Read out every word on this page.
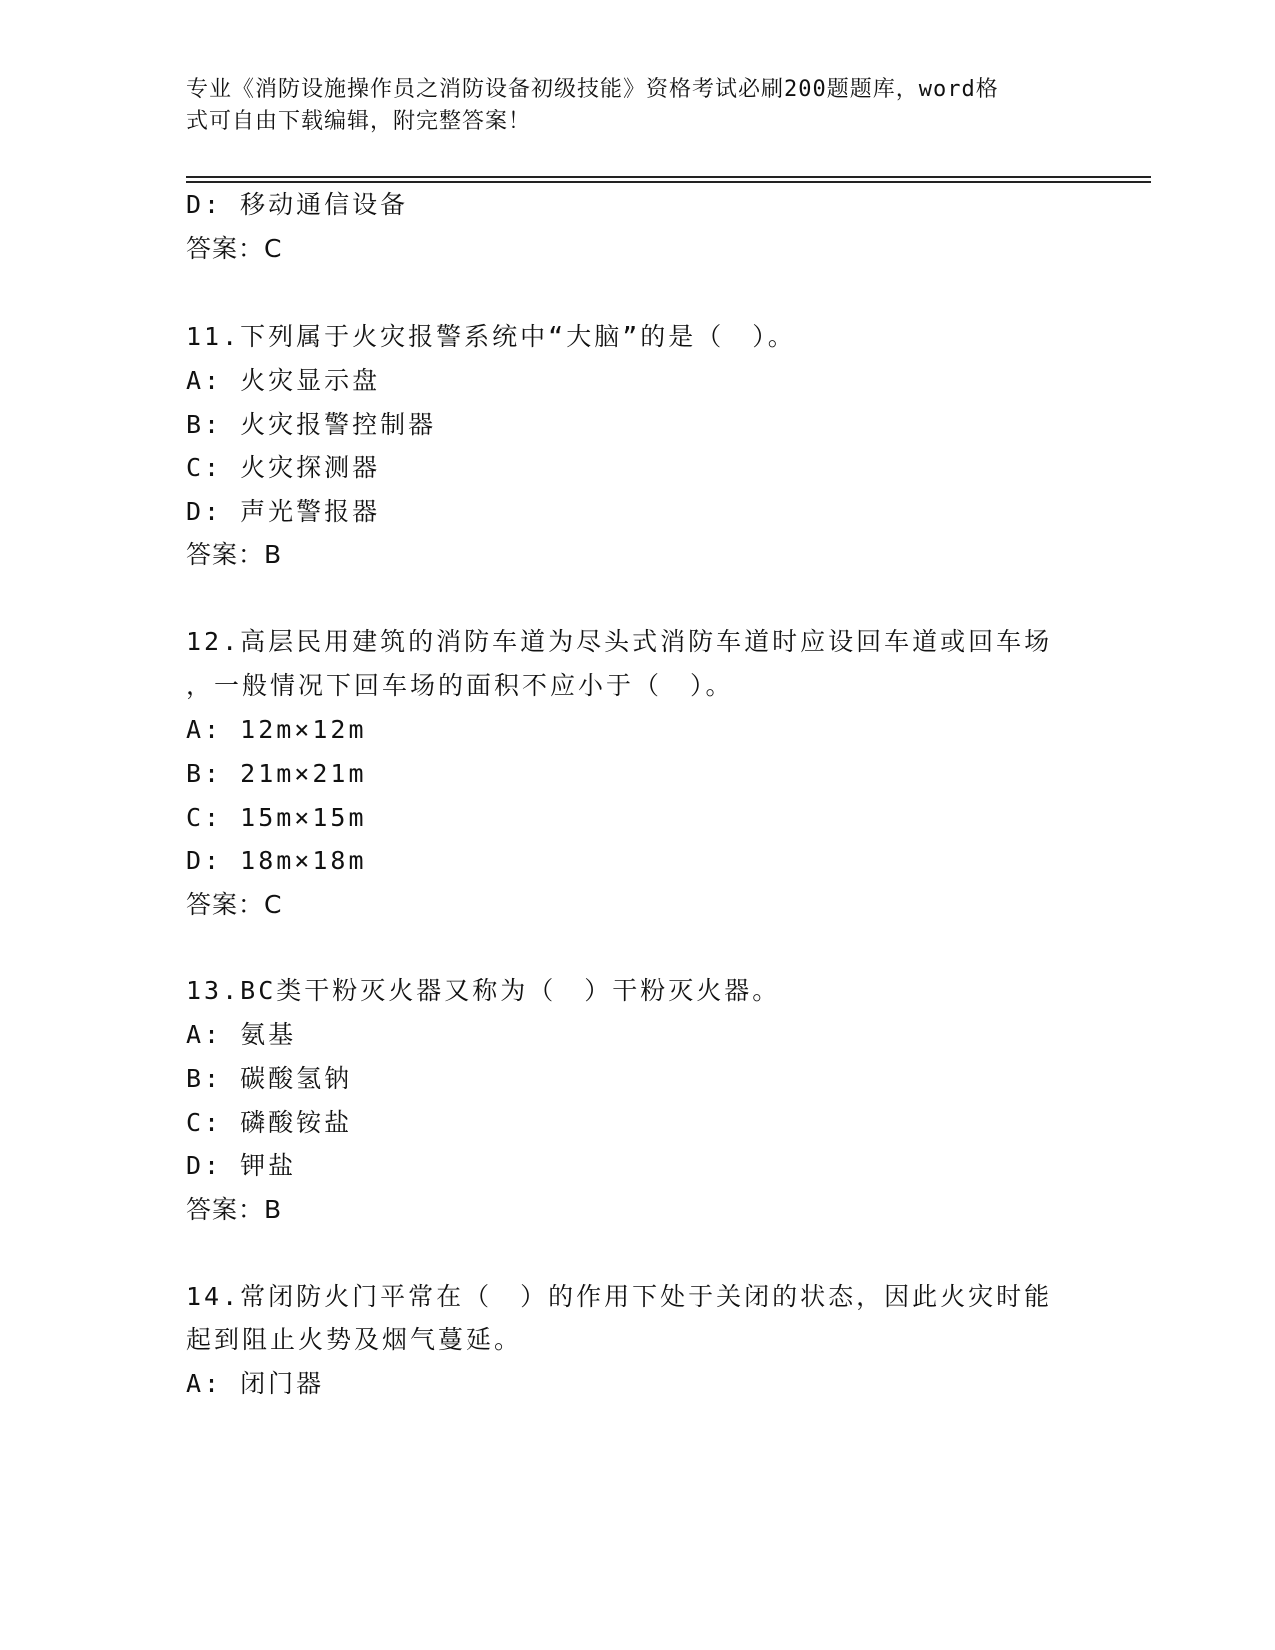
专业《消防设施操作员之消防设备初级技能》资格考试必刷200题题库，word格
式可自由下载编辑，附完整答案！
D: 移动通信设备
答案：C
11.下列属于火灾报警系统中“大脑”的是（　）。
A: 火灾显示盘
B: 火灾报警控制器
C: 火灾探测器
D: 声光警报器
答案：B
12.高层民用建筑的消防车道为尽头式消防车道时应设回车道或回车场
，一般情况下回车场的面积不应小于（　）。
A: 12m×12m
B: 21m×21m
C: 15m×15m
D: 18m×18m
答案：C
13.BC类干粉灭火器又称为（　）干粉灭火器。
A: 氨基
B: 碳酸氢钠
C: 磷酸铵盐
D: 钾盐
答案：B
14.常闭防火门平常在（　）的作用下处于关闭的状态，因此火灾时能
起到阻止火势及烟气蔓延。
A: 闭门器
